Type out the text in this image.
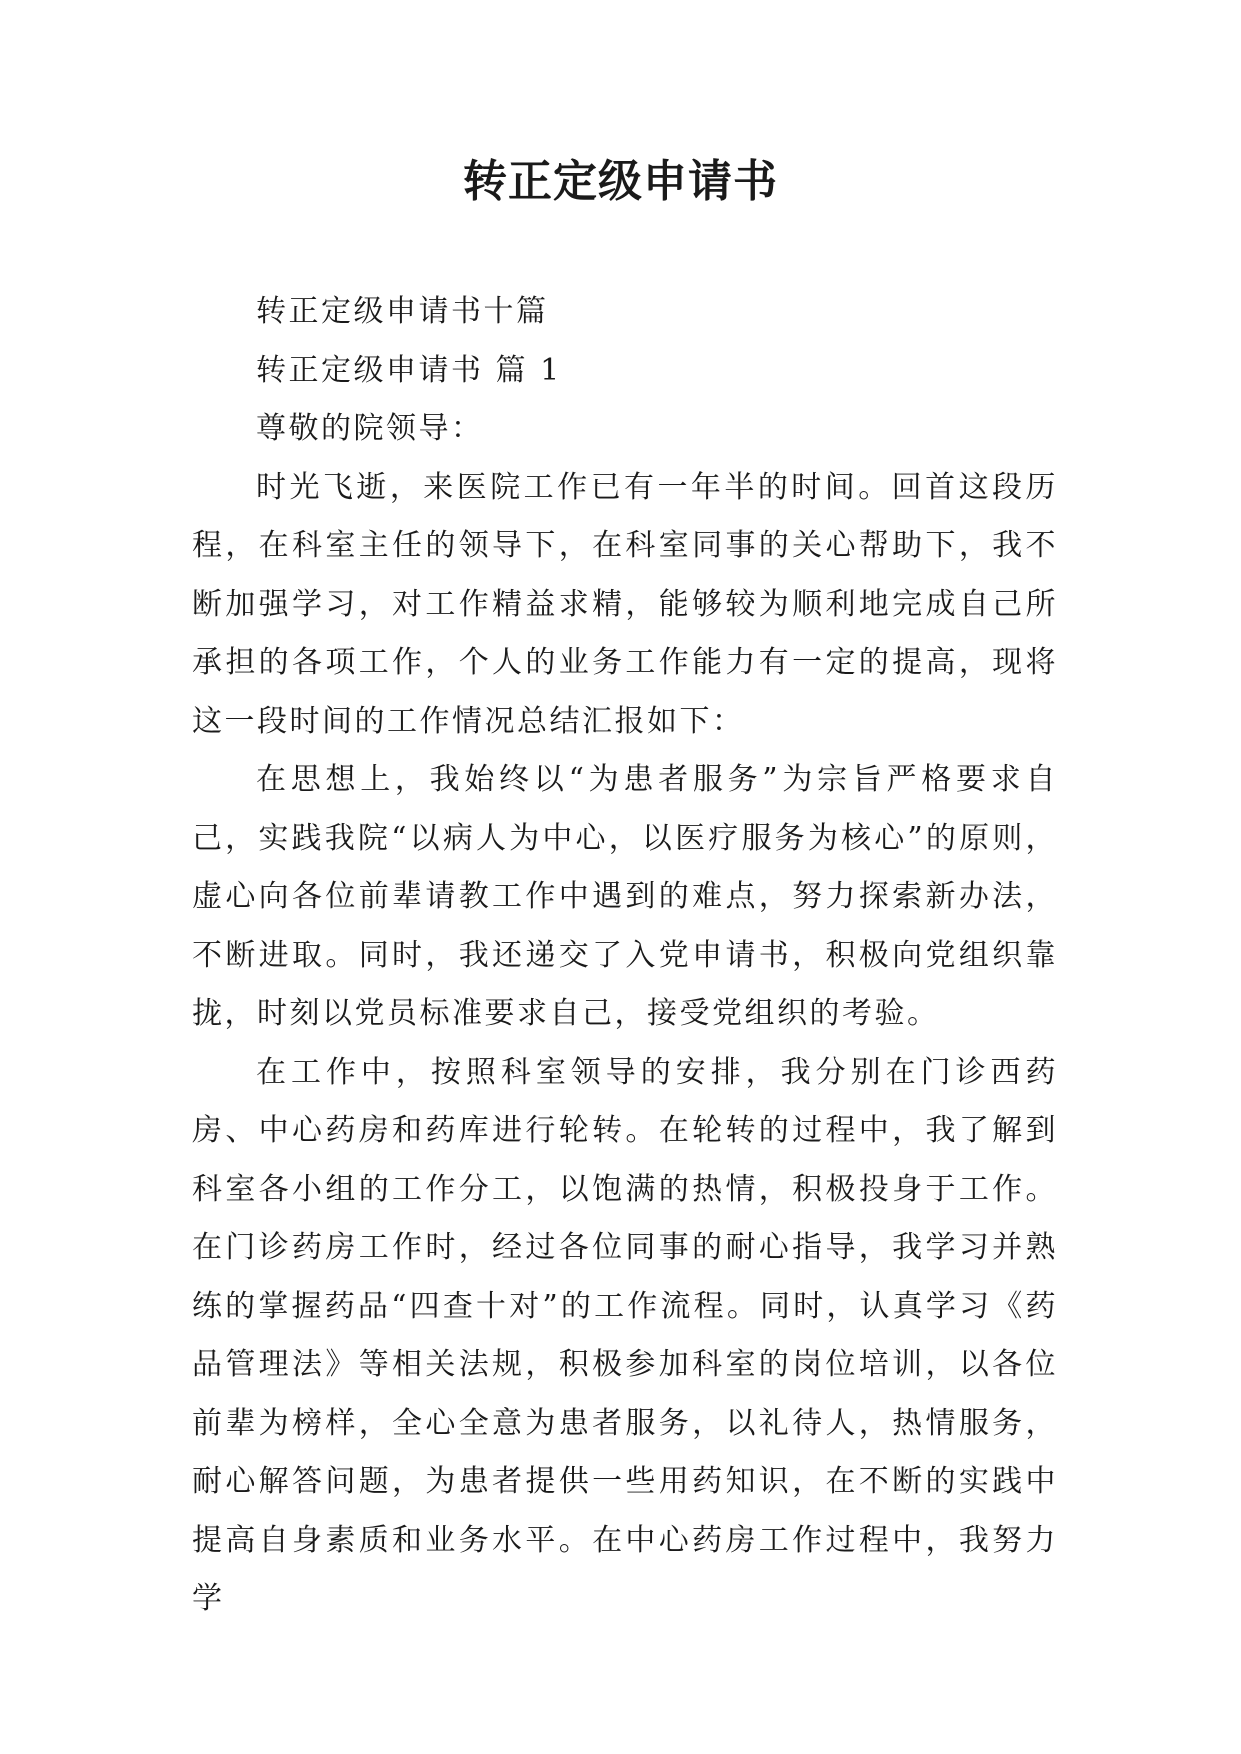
转正定级申请书

转正定级申请书十篇

转正定级申请书 篇 1

尊敬的院领导：

时光飞逝，来医院工作已有一年半的时间。回首这段历程，在科室主任的领导下，在科室同事的关心帮助下，我不断加强学习，对工作精益求精，能够较为顺利地完成自己所承担的各项工作，个人的业务工作能力有一定的提高，现将这一段时间的工作情况总结汇报如下：

在思想上，我始终以“为患者服务”为宗旨严格要求自己，实践我院“以病人为中心，以医疗服务为核心”的原则，虚心向各位前辈请教工作中遇到的难点，努力探索新办法，不断进取。同时，我还递交了入党申请书，积极向党组织靠拢，时刻以党员标准要求自己，接受党组织的考验。

在工作中，按照科室领导的安排，我分别在门诊西药房、中心药房和药库进行轮转。在轮转的过程中，我了解到科室各小组的工作分工，以饱满的热情，积极投身于工作。在门诊药房工作时，经过各位同事的耐心指导，我学习并熟练的掌握药品“四查十对”的工作流程。同时，认真学习《药品管理法》等相关法规，积极参加科室的岗位培训，以各位前辈为榜样，全心全意为患者服务，以礼待人，热情服务，耐心解答问题，为患者提供一些用药知识，在不断的实践中提高自身素质和业务水平。在中心药房工作过程中，我努力学
